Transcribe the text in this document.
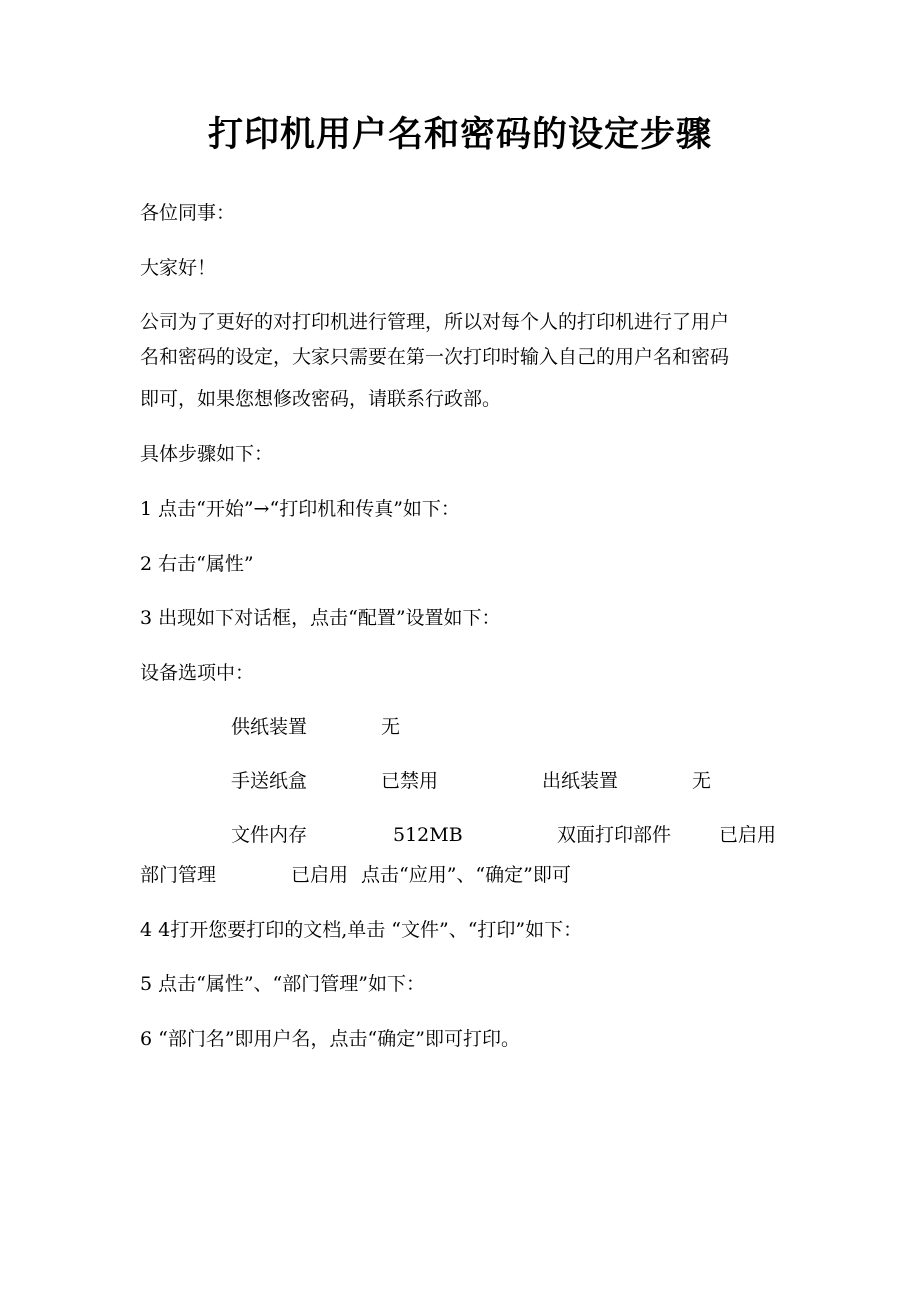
打印机用户名和密码的设定步骤
各位同事：
大家好！
公司为了更好的对打印机进行管理，所以对每个人的打印机进行了用户
名和密码的设定，大家只需要在第一次打印时输入自己的用户名和密码
即可，如果您想修改密码，请联系行政部。
具体步骤如下：
1 点击“开始”→“打印机和传真”如下：
2 右击“属性”
3 出现如下对话框，点击“配置”设置如下：
设备选项中：
供纸装置	无
手送纸盒	已禁用	出纸装置	无
文件内存	512MB	双面打印部件	已启用
部门管理	已启用 点击“应用”、“确定”即可
4 4打开您要打印的文档,单击 “文件”、“打印”如下：
5 点击“属性”、“部门管理”如下：
6 “部门名”即用户名，点击“确定”即可打印。
